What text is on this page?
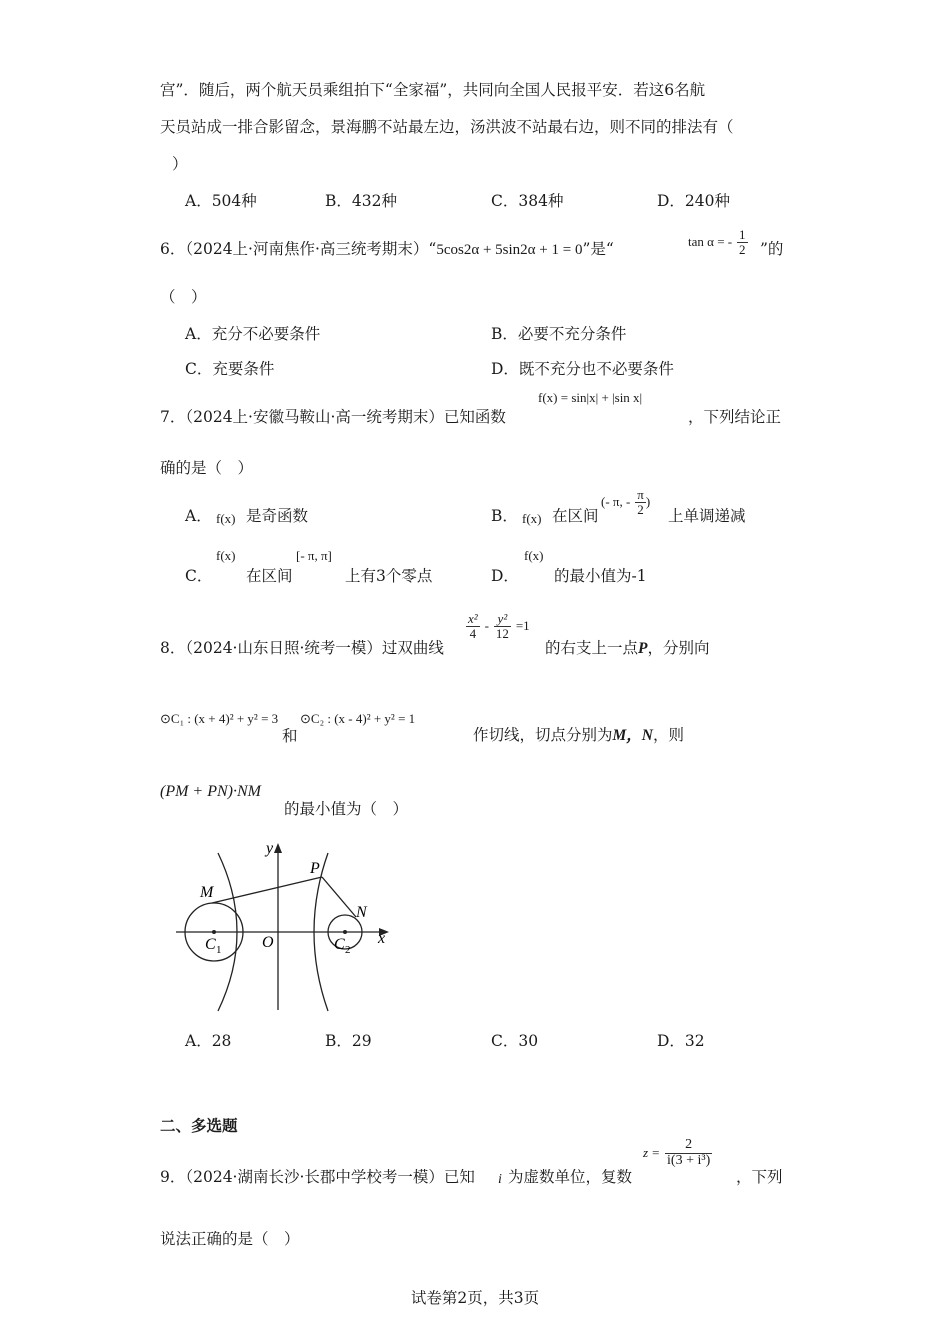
宫”．随后，两个航天员乘组拍下“全家福”，共同向全国人民报平安．若这6名航
天员站成一排合影留念，景海鹏不站最左边，汤洪波不站最右边，则不同的排法有（
）
A．504种	B．432种	C．384种	D．240种
6．（2024上·河南焦作·高三统考期末）“5cos2α + 5sin2α + 1 = 0”是“	tan α = - $\frac{1}{2}$ ”的
（　）
A．充分不必要条件	B．必要不充分条件
C．充要条件	D．既不充分也不必要条件
7．（2024上·安徽马鞍山·高一统考期末）已知函数
f(x) = sin|x| + |sin x|
，下列结论正
确的是（　）
A． f(x) 是奇函数	B． f(x) 在区间
(- π, - $\frac{\pi}{2}$ )
上单调递减
C．
f(x)
在区间
[- π, π]
上有3个零点	D．
f(x)
的最小值为-1
8．（2024·山东日照·统考一模）过双曲线
$\frac{\text{x²}}{4} - \frac{\text{y²}}{12} =1$
的右支上一点P，分别向
⊙C₁ : (x + 4)² + y² = 3
和
⊙C₂ : (x - 4)² + y² = 1
作切线，切点分别为M，N，则
(PM + PN)·NM
的最小值为（　）
y
x
P
M
N
O
C 1	C 2
A．28	B．29	C．30	D．32
二、多选题
9．（2024·湖南长沙·长郡中学校考一模）已知 i 为虚数单位，复数
$z = \frac{2}{\text{i(3 + i³)}}$
，下列
说法正确的是（　）
试卷第2页，共3页
